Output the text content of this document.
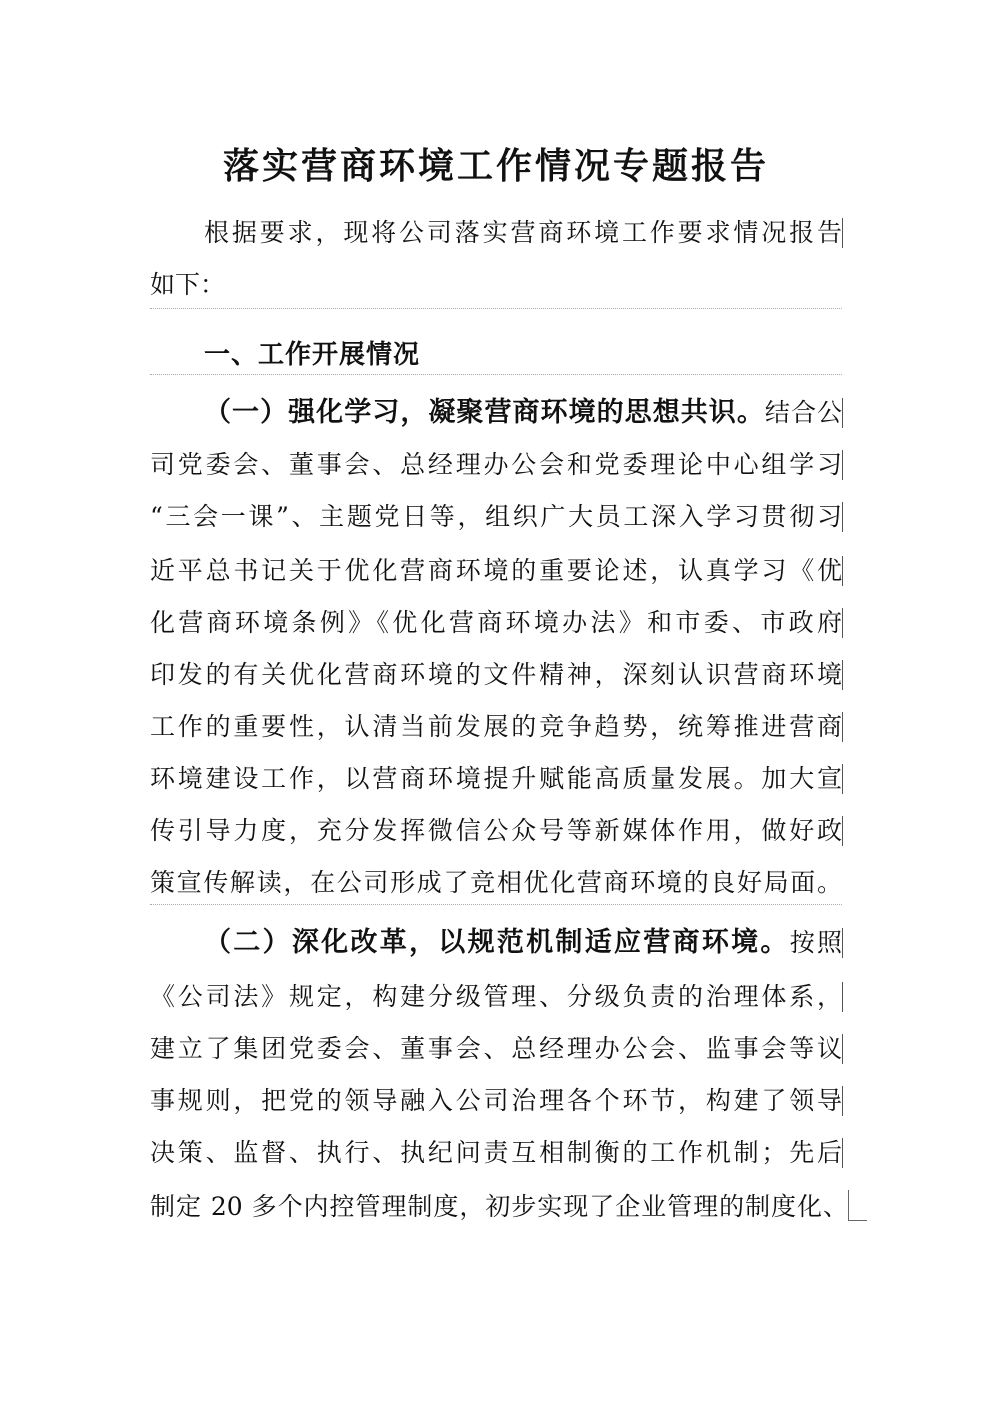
落实营商环境工作情况专题报告
根据要求，现将公司落实营商环境工作要求情况报告
如下：
一、工作开展情况
（一）强化学习，凝聚营商环境的思想共识。结合公
司党委会、董事会、总经理办公会和党委理论中心组学习
“三会一课”、主题党日等，组织广大员工深入学习贯彻习
近平总书记关于优化营商环境的重要论述，认真学习《优
化营商环境条例》《优化营商环境办法》和市委、市政府
印发的有关优化营商环境的文件精神，深刻认识营商环境
工作的重要性，认清当前发展的竞争趋势，统筹推进营商
环境建设工作，以营商环境提升赋能高质量发展。加大宣
传引导力度，充分发挥微信公众号等新媒体作用，做好政
策宣传解读，在公司形成了竞相优化营商环境的良好局面。
（二）深化改革，以规范机制适应营商环境。按照
《公司法》规定，构建分级管理、分级负责的治理体系，
建立了集团党委会、董事会、总经理办公会、监事会等议
事规则，把党的领导融入公司治理各个环节，构建了领导
决策、监督、执行、执纪问责互相制衡的工作机制；先后
制定 20 多个内控管理制度，初步实现了企业管理的制度化、
